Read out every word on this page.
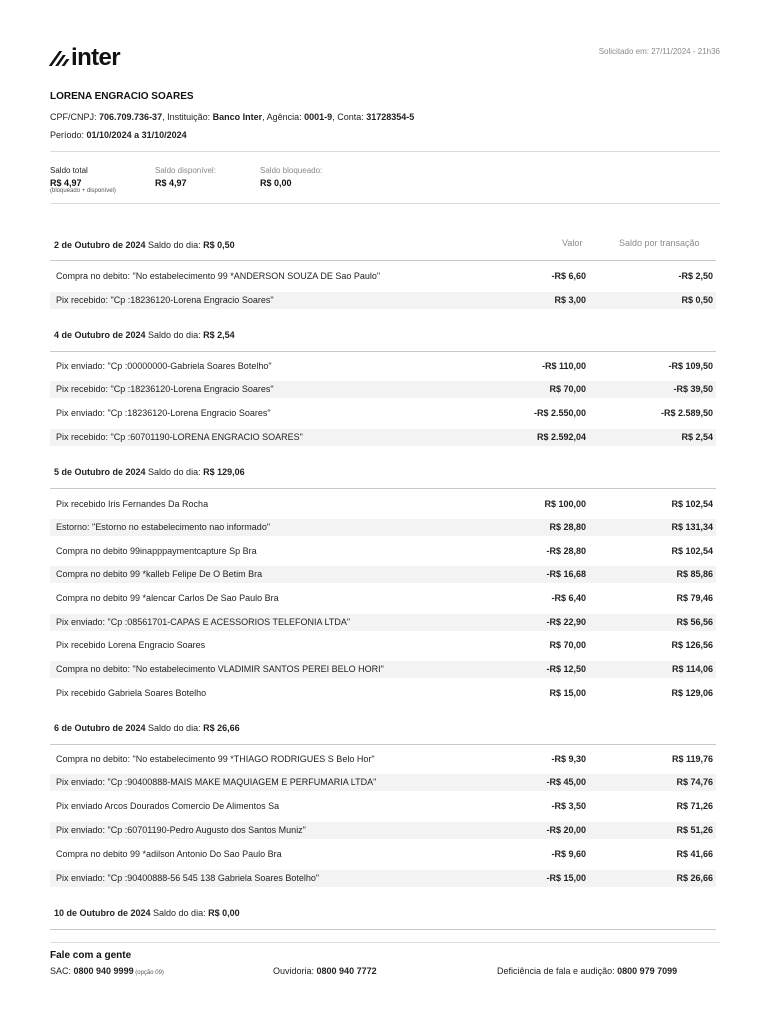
inter	Solicitado em: 27/11/2024 - 21h36
LORENA ENGRACIO SOARES
CPF/CNPJ: 706.709.736-37, Instituição: Banco Inter, Agência: 0001-9, Conta: 31728354-5
Período: 01/10/2024 a 31/10/2024
Saldo total
R$ 4,97
(bloqueado + disponível)
Saldo disponível:
R$ 4,97
Saldo bloqueado:
R$ 0,00
Valor	Saldo por transação
2 de Outubro de 2024 Saldo do dia: R$ 0,50
Compra no debito: "No estabelecimento 99 *ANDERSON SOUZA DE Sao Paulo"	-R$ 6,60	-R$ 2,50
Pix recebido: "Cp :18236120-Lorena Engracio Soares"	R$ 3,00	R$ 0,50
4 de Outubro de 2024 Saldo do dia: R$ 2,54
Pix enviado: "Cp :00000000-Gabriela Soares Botelho"	-R$ 110,00	-R$ 109,50
Pix recebido: "Cp :18236120-Lorena Engracio Soares"	R$ 70,00	-R$ 39,50
Pix enviado: "Cp :18236120-Lorena Engracio Soares"	-R$ 2.550,00	-R$ 2.589,50
Pix recebido: "Cp :60701190-LORENA ENGRACIO SOARES"	R$ 2.592,04	R$ 2,54
5 de Outubro de 2024 Saldo do dia: R$ 129,06
Pix recebido Iris Fernandes Da Rocha	R$ 100,00	R$ 102,54
Estorno: "Estorno no estabelecimento nao informado"	R$ 28,80	R$ 131,34
Compra no debito 99inapppaymentcapture Sp Bra	-R$ 28,80	R$ 102,54
Compra no debito 99 *kalleb Felipe De O Betim Bra	-R$ 16,68	R$ 85,86
Compra no debito 99 *alencar Carlos De Sao Paulo Bra	-R$ 6,40	R$ 79,46
Pix enviado: "Cp :08561701-CAPAS E ACESSORIOS TELEFONIA LTDA"	-R$ 22,90	R$ 56,56
Pix recebido Lorena Engracio Soares	R$ 70,00	R$ 126,56
Compra no debito: "No estabelecimento VLADIMIR SANTOS PEREI BELO HORI"	-R$ 12,50	R$ 114,06
Pix recebido Gabriela Soares Botelho	R$ 15,00	R$ 129,06
6 de Outubro de 2024 Saldo do dia: R$ 26,66
Compra no debito: "No estabelecimento 99 *THIAGO RODRIGUES S Belo Hor"	-R$ 9,30	R$ 119,76
Pix enviado: "Cp :90400888-MAIS MAKE MAQUIAGEM E PERFUMARIA LTDA"	-R$ 45,00	R$ 74,76
Pix enviado Arcos Dourados Comercio De Alimentos Sa	-R$ 3,50	R$ 71,26
Pix enviado: "Cp :60701190-Pedro Augusto dos Santos Muniz"	-R$ 20,00	R$ 51,26
Compra no debito 99 *adilson Antonio Do Sao Paulo Bra	-R$ 9,60	R$ 41,66
Pix enviado: "Cp :90400888-56 545 138 Gabriela Soares Botelho"	-R$ 15,00	R$ 26,66
10 de Outubro de 2024 Saldo do dia: R$ 0,00
Fale com a gente
SAC: 0800 940 9999 (opção 09)	Ouvidoria: 0800 940 7772	Deficiência de fala e audição: 0800 979 7099
